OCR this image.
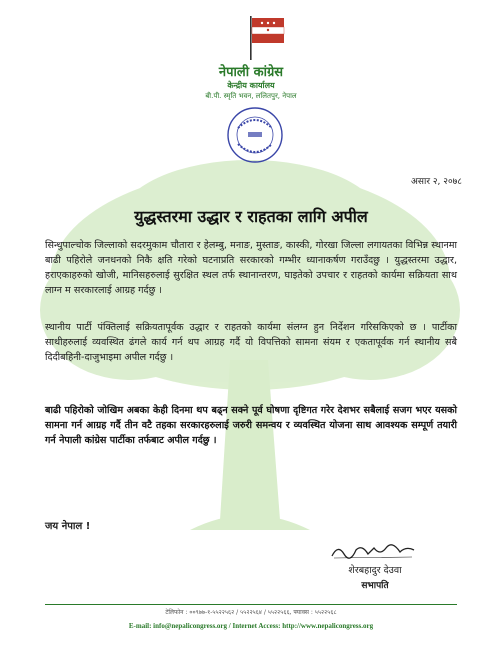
नेपाली कांग्रेस
केन्द्रीय कार्यालय
बी.पी. स्मृति भवन, ललितपुर, नेपाल
असार २, २०७८
युद्धस्तरमा उद्धार र राहतका लागि अपील
सिन्धुपाल्चोक जिल्लाको सदरमुकाम चौतारा र हेलम्बु, मनाङ, मुस्ताङ, कास्की, गोरखा जिल्ला लगायतका विभिन्न स्थानमा बाढी पहिरोले जनधनको निकै क्षति गरेको घटनाप्रति सरकारको गम्भीर ध्यानाकर्षण गराउँदछु । युद्धस्तरमा उद्धार, हराएकाहरुको खोजी, मानिसहरुलाई सुरक्षित स्थल तर्फ स्थानान्तरण, घाइतेको उपचार र राहतको कार्यमा सक्रियता साथ लाग्न म सरकारलाई आग्रह गर्दछु ।
स्थानीय पार्टी पंक्तिलाई सक्रियतापूर्वक उद्धार र राहतको कार्यमा संलग्न हुन निर्देशन गरिसकिएको छ । पार्टीका साथीहरुलाई व्यवस्थित ढंगले कार्य गर्न थप आग्रह गर्दै यो विपत्तिको सामना संयम र एकतापूर्वक गर्न स्थानीय सबै दिदीबहिनी-दाजुभाइमा अपील गर्दछु ।
बाढी पहिरोको जोखिम अबका केही दिनमा थप बढ्न सक्ने पूर्व घोषणा दृष्टिगत गरेर देशभर सबैलाई सजग भएर यसको सामना गर्न आग्रह गर्दै तीन वटै तहका सरकारहरुलाई जरुरी समन्वय र व्यवस्थित योजना साथ आवश्यक सम्पूर्ण तयारी गर्न नेपाली कांग्रेस पार्टीका तर्फबाट अपील गर्दछु ।
जय नेपाल !
शेरबहादुर देउवा
सभापति
टेलिफोन : ००९७७-१-५५२२५६२ / ५५२२५६४ / ५५२२५६६, फ्याक्स : ५५२२५६८
E-mail: info@nepalicongress.org / Internet Access: http://www.nepalicongress.org
